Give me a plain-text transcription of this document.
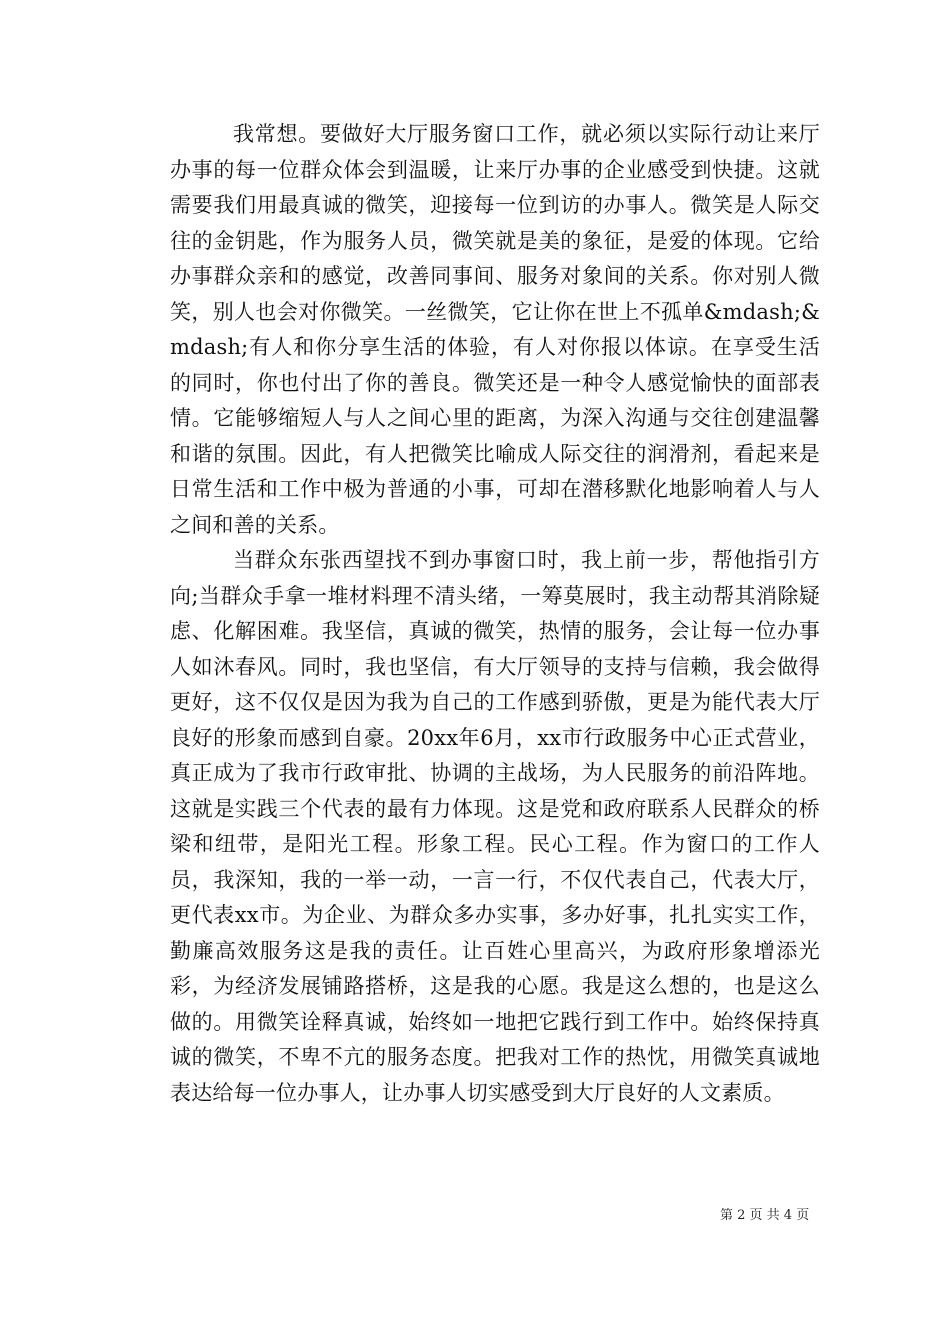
我常想。要做好大厅服务窗口工作，就必须以实际行动让来厅办事的每一位群众体会到温暖，让来厅办事的企业感受到快捷。这就需要我们用最真诚的微笑，迎接每一位到访的办事人。微笑是人际交往的金钥匙，作为服务人员，微笑就是美的象征，是爱的体现。它给办事群众亲和的感觉，改善同事间、服务对象间的关系。你对别人微笑，别人也会对你微笑。一丝微笑，它让你在世上不孤单&mdash;&mdash;有人和你分享生活的体验，有人对你报以体谅。在享受生活的同时，你也付出了你的善良。微笑还是一种令人感觉愉快的面部表情。它能够缩短人与人之间心里的距离，为深入沟通与交往创建温馨和谐的氛围。因此，有人把微笑比喻成人际交往的润滑剂，看起来是日常生活和工作中极为普通的小事，可却在潜移默化地影响着人与人之间和善的关系。

当群众东张西望找不到办事窗口时，我上前一步，帮他指引方向;当群众手拿一堆材料理不清头绪，一筹莫展时，我主动帮其消除疑虑、化解困难。我坚信，真诚的微笑，热情的服务，会让每一位办事人如沐春风。同时，我也坚信，有大厅领导的支持与信赖，我会做得更好，这不仅仅是因为我为自己的工作感到骄傲，更是为能代表大厅良好的形象而感到自豪。20xx年6月，xx市行政服务中心正式营业，真正成为了我市行政审批、协调的主战场，为人民服务的前沿阵地。这就是实践三个代表的最有力体现。这是党和政府联系人民群众的桥梁和纽带，是阳光工程。形象工程。民心工程。作为窗口的工作人员，我深知，我的一举一动，一言一行，不仅代表自己，代表大厅，更代表xx市。为企业、为群众多办实事，多办好事，扎扎实实工作，勤廉高效服务这是我的责任。让百姓心里高兴，为政府形象增添光彩，为经济发展铺路搭桥，这是我的心愿。我是这么想的，也是这么做的。用微笑诠释真诚，始终如一地把它践行到工作中。始终保持真诚的微笑，不卑不亢的服务态度。把我对工作的热忱，用微笑真诚地表达给每一位办事人，让办事人切实感受到大厅良好的人文素质。

第 2 页 共 4 页
